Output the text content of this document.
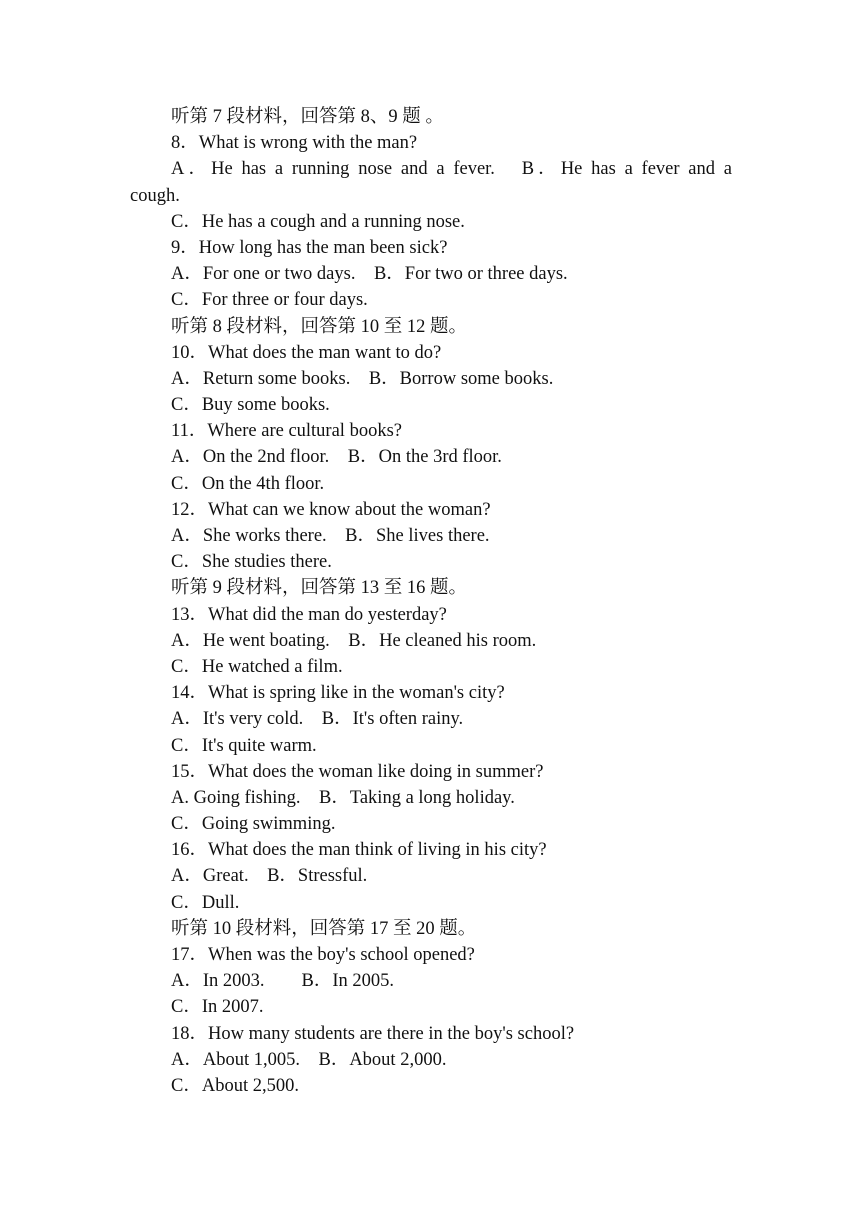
听第 7 段材料，回答第 8、9 题 。

8．What is wrong with the man?

A．He has a running nose and a fever.　B．He has a fever and a
cough.

C．He has a cough and a running nose.

9．How long has the man been sick?

A．For one or two days.　B．For two or three days.

C．For three or four days.

听第 8 段材料，回答第 10 至 12 题。

10．What does the man want to do?

A．Return some books.　B．Borrow some books.

C．Buy some books.

11．Where are cultural books?

A．On the 2nd floor.　B．On the 3rd floor.

C．On the 4th floor.

12．What can we know about the woman?

A．She works there.　B．She lives there.

C．She studies there.

听第 9 段材料，回答第 13 至 16 题。

13．What did the man do yesterday?

A．He went boating.　B．He cleaned his room.

C．He watched a film.

14．What is spring like in the woman's city?

A．It's very cold.　B．It's often rainy.

C．It's quite warm.

15．What does the woman like doing in summer?

A. Going fishing.　B．Taking a long holiday.

C．Going swimming.

16．What does the man think of living in his city?

A．Great.　B．Stressful.

C．Dull.

听第 10 段材料，回答第 17 至 20 题。

17．When was the boy's school opened?

A．In 2003.　　B．In 2005.

C．In 2007.

18．How many students are there in the boy's school?

A．About 1,005.　B．About 2,000.

C．About 2,500.
